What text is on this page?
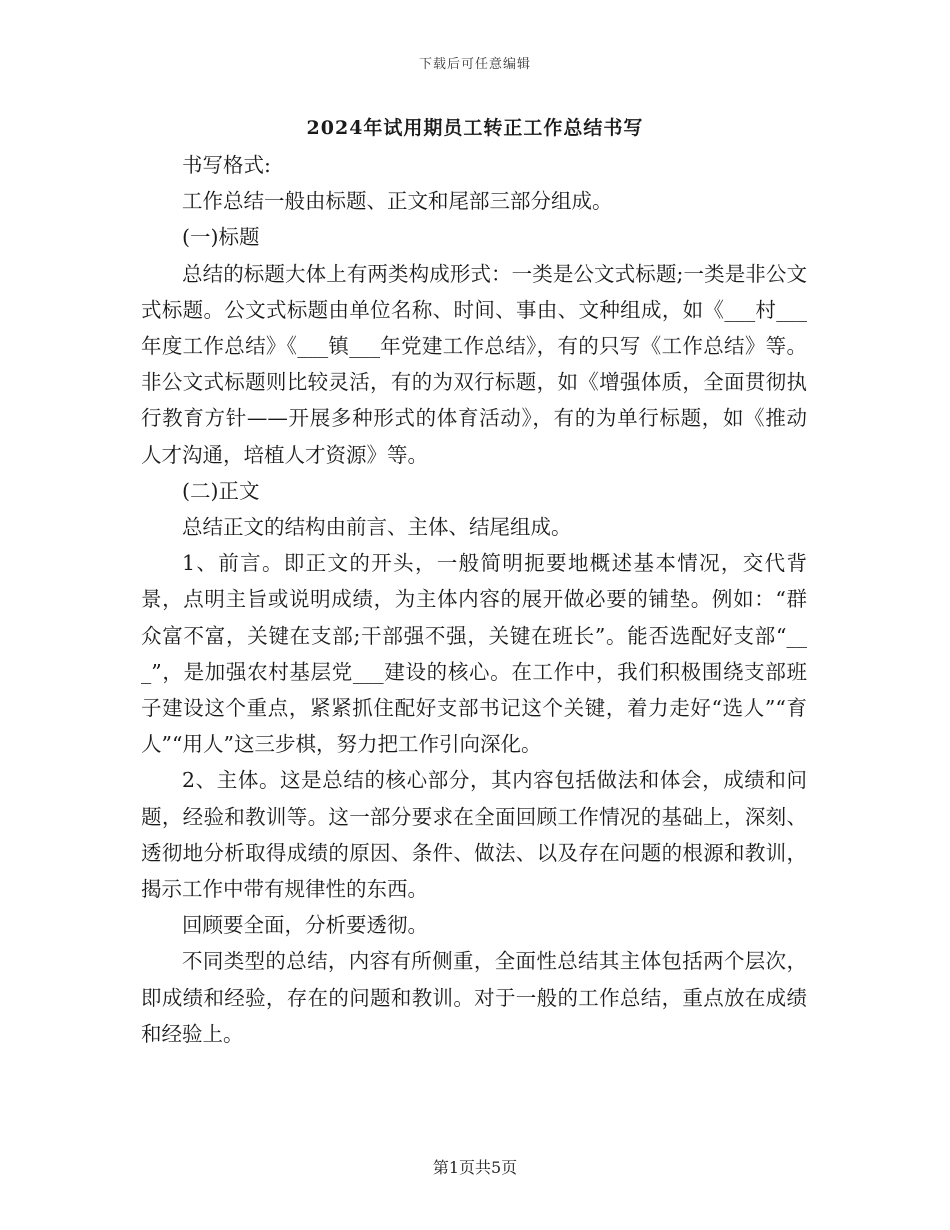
下载后可任意编辑
2024年试用期员工转正工作总结书写

书写格式:

工作总结一般由标题、正文和尾部三部分组成。

(一)标题

总结的标题大体上有两类构成形式：一类是公文式标题;一类是非公文式标题。公文式标题由单位名称、时间、事由、文种组成，如《___村___年度工作总结》《___镇___年党建工作总结》，有的只写《工作总结》等。非公文式标题则比较灵活，有的为双行标题，如《增强体质，全面贯彻执行教育方针——开展多种形式的体育活动》，有的为单行标题，如《推动人才沟通，培植人才资源》等。

(二)正文

总结正文的结构由前言、主体、结尾组成。

1、前言。即正文的开头，一般简明扼要地概述基本情况，交代背景，点明主旨或说明成绩，为主体内容的展开做必要的铺垫。例如：“群众富不富，关键在支部;干部强不强，关键在班长”。能否选配好支部“___”，是加强农村基层党___建设的核心。在工作中，我们积极围绕支部班子建设这个重点，紧紧抓住配好支部书记这个关键，着力走好“选人”“育人”“用人”这三步棋，努力把工作引向深化。

2、主体。这是总结的核心部分，其内容包括做法和体会，成绩和问题，经验和教训等。这一部分要求在全面回顾工作情况的基础上，深刻、透彻地分析取得成绩的原因、条件、做法、以及存在问题的根源和教训，揭示工作中带有规律性的东西。

回顾要全面，分析要透彻。

不同类型的总结，内容有所侧重，全面性总结其主体包括两个层次，即成绩和经验，存在的问题和教训。对于一般的工作总结，重点放在成绩和经验上。

第1页共5页
